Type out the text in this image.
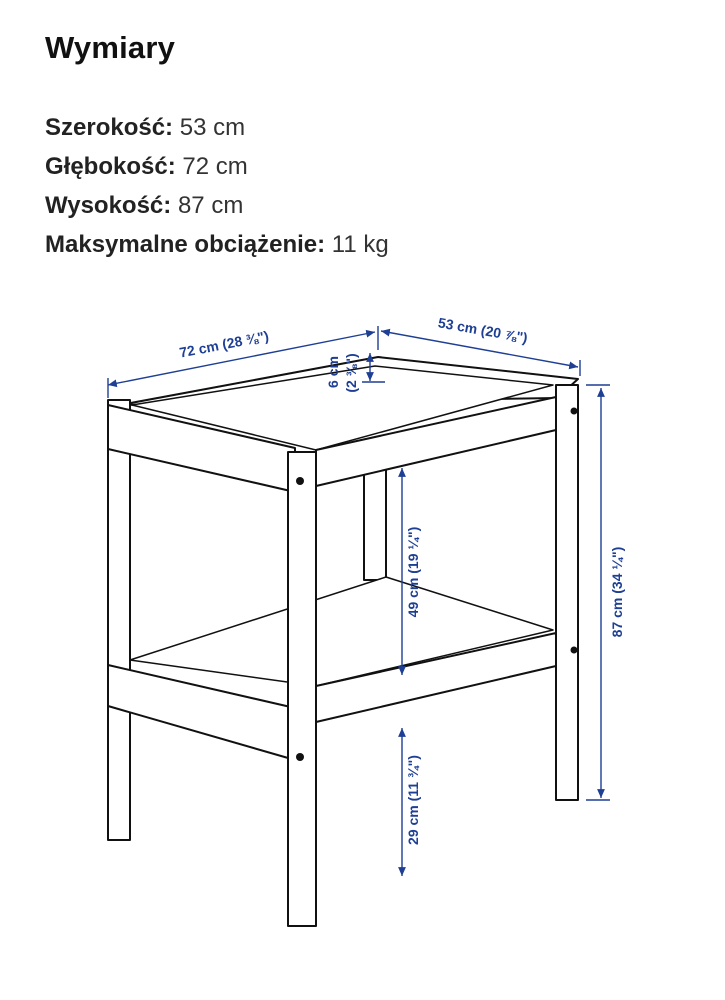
Wymiary
Szerokość: 53 cm
Głębokość: 72 cm
Wysokość: 87 cm
Maksymalne obciążenie: 11 kg
72 cm (28 ⅜")	53 cm (20 ⅞")
6 cm (2 ⅜")
87 cm (34 ¼")
49 cm (19 ¼")
29 cm (11 ¾")
